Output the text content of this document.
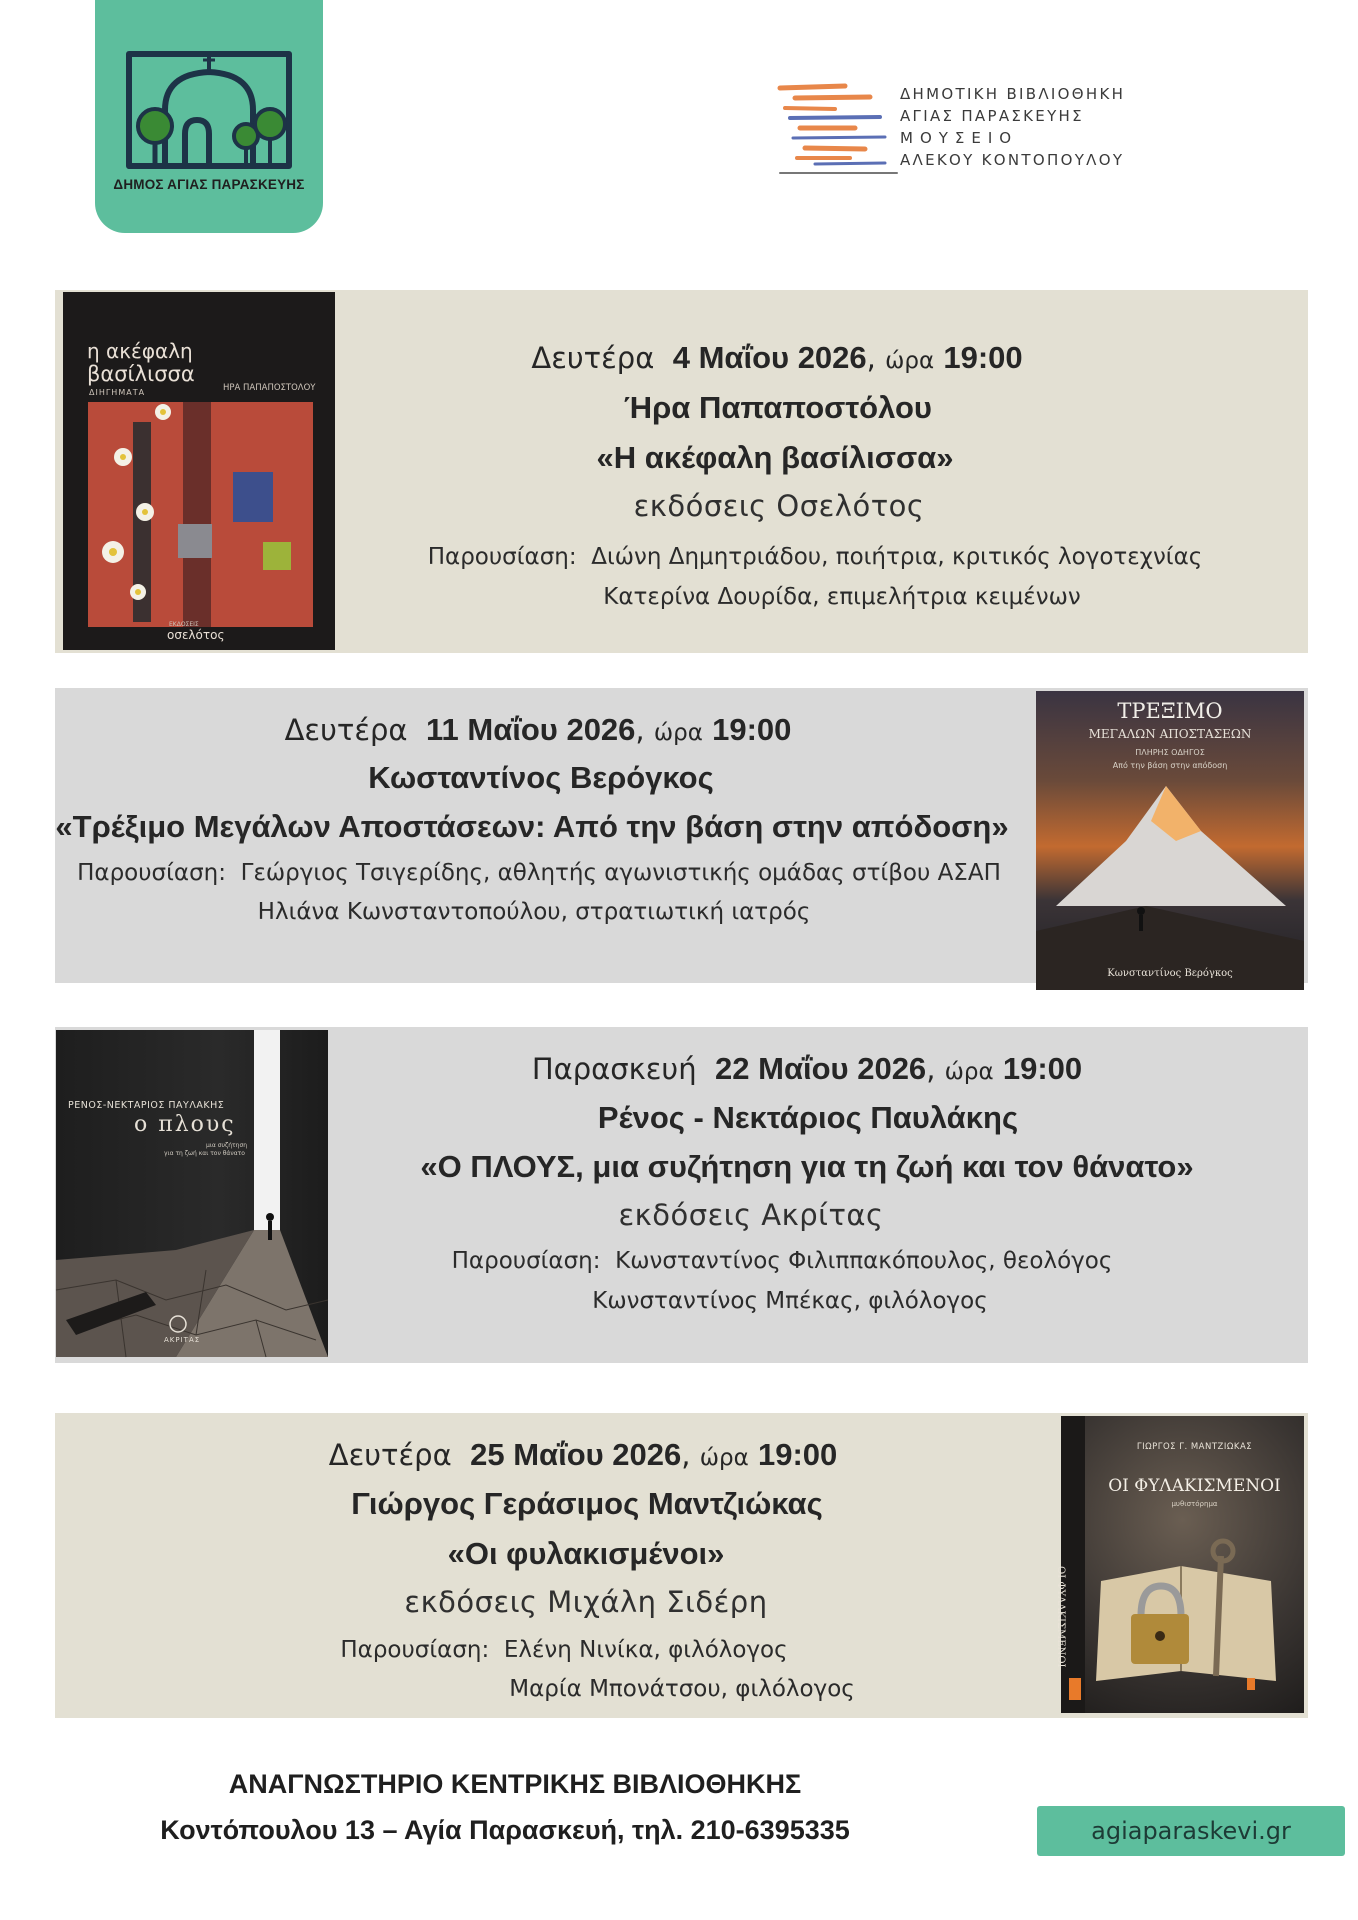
ΔΗΜΟΣ ΑΓΙΑΣ ΠΑΡΑΣΚΕΥΗΣ
ΔΗΜΟΤΙΚΗ ΒΙΒΛΙΟΘΗΚΗ
ΑΓΙΑΣ ΠΑΡΑΣΚΕΥΗΣ
ΜΟΥΣΕΙΟ
ΑΛΕΚΟΥ ΚΟΝΤΟΠΟΥΛΟΥ
η ακέφαλη
βασίλισσα
ΔΙΗΓΗΜΑΤΑ	ΗΡΑ ΠΑΠΑΠΟΣΤΟΛΟΥ
ΕΚΔΟΣΕΙΣ
οσελότος
Δευτέρα 4 Μαΐου 2026, ώρα 19:00
Ήρα Παπαποστόλου
«Η ακέφαλη βασίλισσα»
εκδόσεις Οσελότος
Παρουσίαση: Διώνη Δημητριάδου, ποιήτρια, κριτικός λογοτεχνίας
Κατερίνα Δουρίδα, επιμελήτρια κειμένων
Δευτέρα 11 Μαΐου 2026, ώρα 19:00
Κωσταντίνος Βερόγκος
«Τρέξιμο Μεγάλων Αποστάσεων: Από την βάση στην απόδοση»
Παρουσίαση: Γεώργιος Τσιγερίδης, αθλητής αγωνιστικής ομάδας στίβου ΑΣΑΠ
Ηλιάνα Κωνσταντοπούλου, στρατιωτική ιατρός
ΤΡΕΞΙΜΟ
ΜΕΓΑΛΩΝ ΑΠΟΣΤΑΣΕΩΝ
ΠΛΗΡΗΣ ΟΔΗΓΟΣ
Από την βάση στην απόδοση
Κωνσταντίνος Βερόγκος
ΡΕΝΟΣ-ΝΕΚΤΑΡΙΟΣ ΠΑΥΛΑΚΗΣ
ο πλους
μια συζήτηση
για τη ζωή και τον θάνατο
ΑΚΡΙΤΑΣ
Παρασκευή 22 Μαΐου 2026, ώρα 19:00
Ρένος - Νεκτάριος Παυλάκης
«Ο ΠΛΟΥΣ, μια συζήτηση για τη ζωή και τον θάνατο»
εκδόσεις Ακρίτας
Παρουσίαση: Κωνσταντίνος Φιλιππακόπουλος, θεολόγος
Κωνσταντίνος Μπέκας, φιλόλογος
Δευτέρα 25 Μαΐου 2026, ώρα 19:00
Γιώργος Γεράσιμος Μαντζιώκας
«Οι φυλακισμένοι»
εκδόσεις Μιχάλη Σιδέρη
Παρουσίαση: Ελένη Νινίκα, φιλόλογος
Μαρία Μπονάτσου, φιλόλογος
ΓΙΩΡΓΟΣ Γ. ΜΑΝΤΖΙΩΚΑΣ
ΟΙ ΦΥΛΑΚΙΣΜΕΝΟΙ
μυθιστόρημα
ΟΙ ΦΥΛΑΚΙΣΜΕΝΟΙ
ΑΝΑΓΝΩΣΤΗΡΙΟ ΚΕΝΤΡΙΚΗΣ ΒΙΒΛΙΟΘΗΚΗΣ
Κοντόπουλου 13 – Αγία Παρασκευή, τηλ. 210-6395335	agiaparaskevi.gr
